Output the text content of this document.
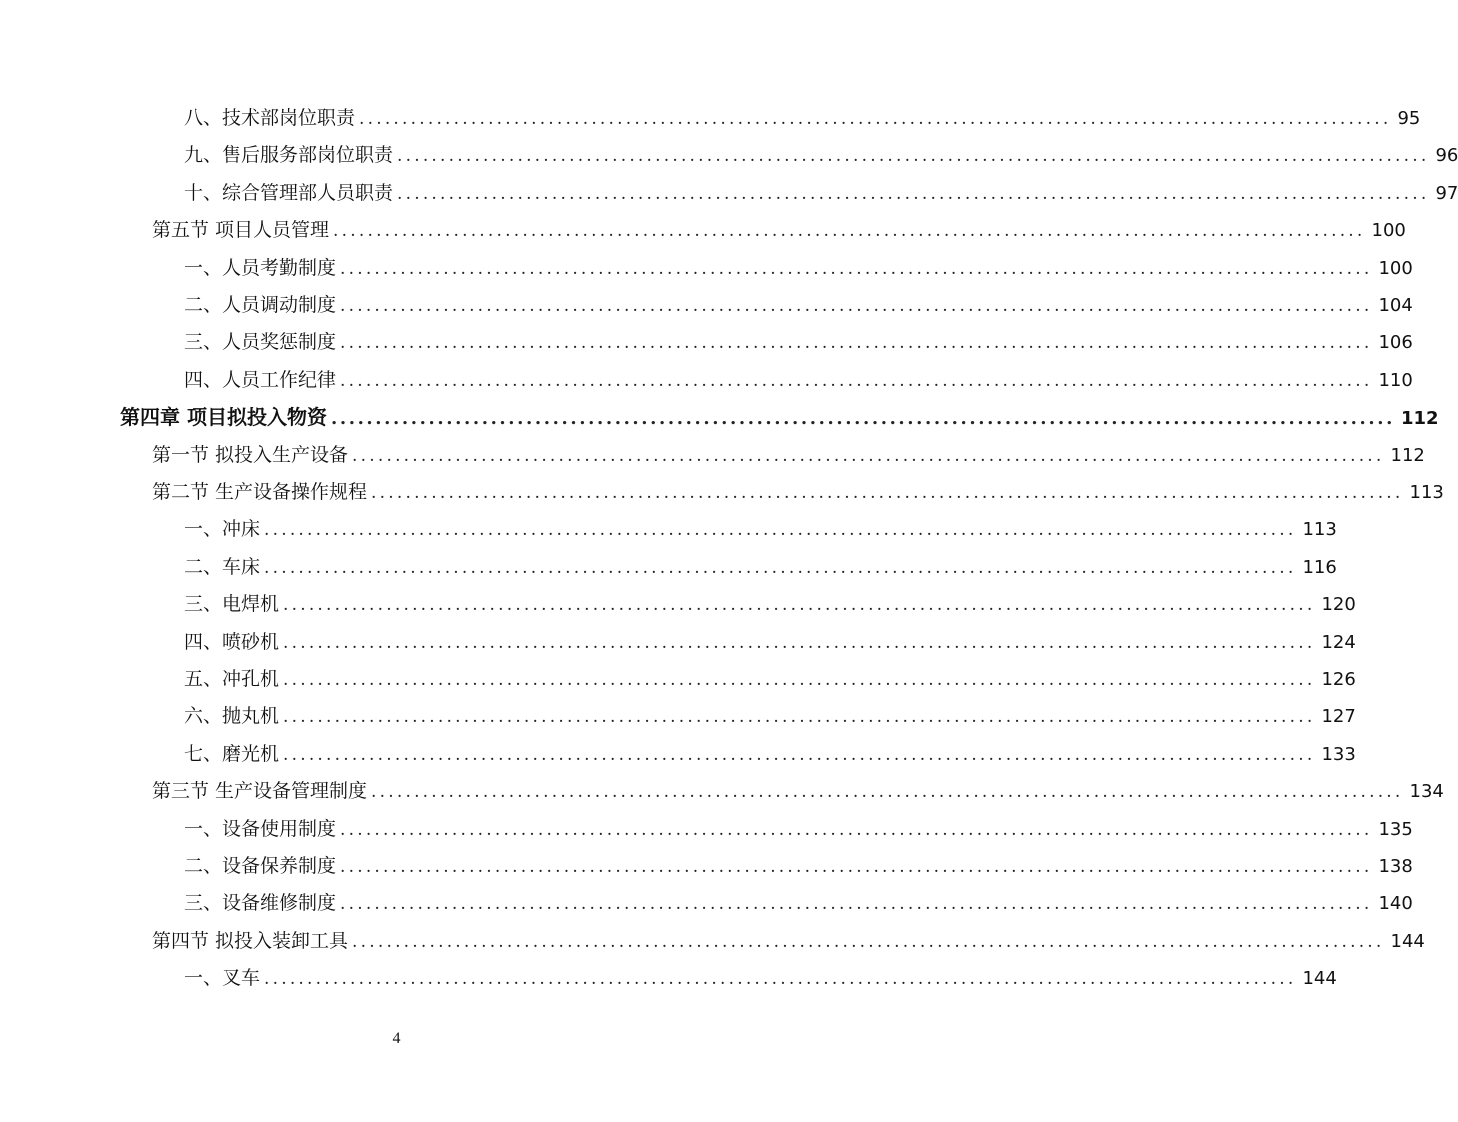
八、技术部岗位职责 ........................................................................................................................ 95
九、售后服务部岗位职责 ........................................................................................................................ 96
十、综合管理部人员职责 ........................................................................................................................ 97
第五节 项目人员管理 ........................................................................................................................ 100
一、人员考勤制度 ........................................................................................................................ 100
二、人员调动制度 ........................................................................................................................ 104
三、人员奖惩制度 ........................................................................................................................ 106
四、人员工作纪律 ........................................................................................................................ 110
第四章 项目拟投入物资 ........................................................................................................................ 112
第一节 拟投入生产设备 ........................................................................................................................ 112
第二节 生产设备操作规程 ........................................................................................................................ 113
一、冲床 ........................................................................................................................ 113
二、车床 ........................................................................................................................ 116
三、电焊机 ........................................................................................................................ 120
四、喷砂机 ........................................................................................................................ 124
五、冲孔机 ........................................................................................................................ 126
六、抛丸机 ........................................................................................................................ 127
七、磨光机 ........................................................................................................................ 133
第三节 生产设备管理制度 ........................................................................................................................ 134
一、设备使用制度 ........................................................................................................................ 135
二、设备保养制度 ........................................................................................................................ 138
三、设备维修制度 ........................................................................................................................ 140
第四节 拟投入装卸工具 ........................................................................................................................ 144
一、叉车 ........................................................................................................................ 144
4
